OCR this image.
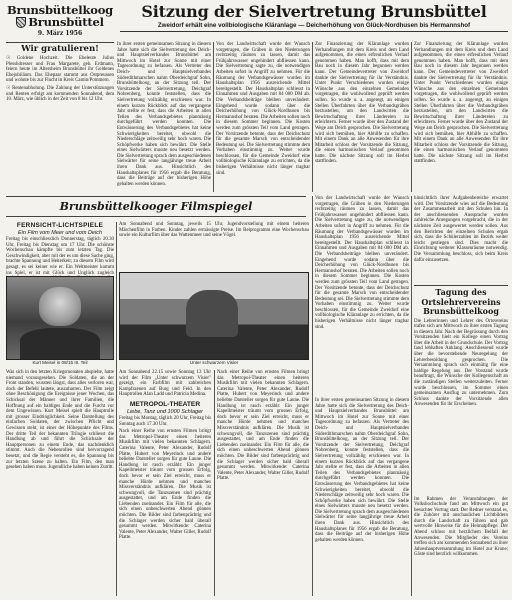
Brunsbüttelkoog
Brunsbüttel
9. März 1956
Sitzung der Sielvertretung Brunsbüttel
Zweidorf erhält eine vollbiologische Kläranlage — Deicherhöhung von Glück-Nordhusen bis Hermannshof
Wir gratulieren!

☉ Goldene Hochzeit. Die Eheleute Julius Plesshdresser und Frau Margarete, geb. Erdmann, feiern heute im Altersheim Brunsbüttel ihr Goldenes Ehejubiläum. Das Ehepaar stammt aus Ostpreussen und wohnte bis zur Flucht in Kreis Camin/Pommern.

☉ Rentenabholung. Die Zahlung der Unterstützungen und Renten erfolgt am kommenden Sonnabend, dem 10. März, wie üblich in der Zeit von 8 bis 12 Uhr.

In ihrer ersten gemeinsamen Sitzung in diesem Jahre hatte sich die Sielvertretung des Deich- und Hauptsielverbandes Brunsbüttel am Mittwoch im Hotel zur Sonne mit einer Tagesordnung zu befassen. Als Vertreter des Deich- und Hauptsielverbandes Süderdithmarschen nahm Oberdeichgraf Sohn, Brunsbüttelkoog, an der Sitzung teil. Der Vorsitzende der Sielvertretung, Deichgraf Nohrenberg, konnte feststellen, dass die Sielvertretung vollzählig erschienen war. In einem kurzen Rückblick auf das vergangene Jahr stellte er fest, dass die Arbeiten in allen Teilen des Verbandsgebietes planmässig durchgeführt werden konnten. Die Entwässerung des Verbandsgebietes hat keine Schwierigkeiten bereitet, obwohl die Niederschläge zeitweilig sehr hoch waren. Die Schöpfwerke haben sich bewährt. Die Stelle eines Sielwärters musste neu besetzt werden. Die Sielvertretung sprach dem ausgeschiedenen Sielwärter für seine langjährige treue Arbeit ihren Dank aus. Hinsichtlich des Haushaltsplanes für 1956 ergab die Beratung, dass die Beiträge auf der bisherigen Höhe gehalten werden können.

Von der Landwirtschaft wurde der Wunsch vorgetragen, die Gräben in den Niederungen rechtzeitig räumen zu lassen, damit das Frühjahrswasser ungehindert abfliessen kann. Die Sielvertretung sagte zu, die notwendigen Arbeiten sofort in Angriff zu nehmen. Für die Räumung der Verbandsgewässer wurden im Haushaltsplan 1956 ausreichende Mittel bereitgestellt. Der Haushaltsplan schliesst in Einnahmen und Ausgaben mit 84 000 DM ab. Die Verbandsbeiträge bleiben unverändert. Eingehend wurde sodann über die Deicherhöhung von Glück-Nordhusen bis Hermannshof beraten. Die Arbeiten sollen noch in diesem Sommer beginnen. Die Kosten werden zum grössten Teil vom Land getragen. Der Vorsitzende betonte, dass der Deichschutz für die gesamte Marsch von entscheidender Bedeutung sei. Die Sielvertretung stimmte dem Vorhaben einstimmig zu. Weiter wurde beschlossen, für die Gemeinde Zweidorf eine vollbiologische Kläranlage zu errichten, da die bisherigen Verhältnisse nicht länger tragbar sind.

Zur Finanzierung der Kläranlage wurden Verhandlungen mit dem Kreis und dem Land aufgenommen, die einen erfreulichen Verlauf genommen haben. Man hofft, dass mit dem Bau noch in diesem Jahr begonnen werden kann. Der Gemeindevertreter von Zweidorf dankte der Sielvertretung für ihr Verständnis. Unter Punkt Verschiedenes wurden einige Wünsche aus den einzelnen Gemeinden vorgetragen, die wohlwollend geprüft werden sollen. So wurde u. a. angeregt, an einigen Stellen Überfahrten über die Verbandsgräben herzustellen, um den Landwirten die Bewirtschaftung ihrer Ländereien zu erleichtern. Ferner wurde über den Zustand der Wege am Deich gesprochen. Die Sielvertretung wird sich bemühen, hier Abhilfe zu schaffen. Mit einem Dank an alle Anwesenden für ihre Mitarbeit schloss der Vorsitzende die Sitzung, die einen harmonischen Verlauf genommen hatte. Die nächste Sitzung soll im Herbst stattfinden.

Zur Finanzierung der Kläranlage wurden Verhandlungen mit dem Kreis und dem Land aufgenommen, die einen erfreulichen Verlauf genommen haben. Man hofft, dass mit dem Bau noch in diesem Jahr begonnen werden kann. Der Gemeindevertreter von Zweidorf dankte der Sielvertretung für ihr Verständnis. Unter Punkt Verschiedenes wurden einige Wünsche aus den einzelnen Gemeinden vorgetragen, die wohlwollend geprüft werden sollen. So wurde u. a. angeregt, an einigen Stellen Überfahrten über die Verbandsgräben herzustellen, um den Landwirten die Bewirtschaftung ihrer Ländereien zu erleichtern. Ferner wurde über den Zustand der Wege am Deich gesprochen. Die Sielvertretung wird sich bemühen, hier Abhilfe zu schaffen. Mit einem Dank an alle Anwesenden für ihre Mitarbeit schloss der Vorsitzende die Sitzung, die einen harmonischen Verlauf genommen hatte. Die nächste Sitzung soll im Herbst stattfinden.

Brunsbüttelkooger Filmspiegel
FERNSICHT-LICHTSPIELE
Ein Film vom Meer und vom Deich

Freitag bis einschliesslich Donnerstag, täglich 20.30 Uhr, Freitag bis Dienstag um 17 Uhr. Die schönste Wochenschau kämpfte bis zum letzten Tag. Die Geschwindigkeit, aber mit der es um diese Sache ging, brachte Spannung und Heiterkeit; zu diesem Film wird gesagt, es sei keiner wie er. Ein Weltmeister kommt ins Spiel, er ist mit Glück und Unglück zugleich

Kurt Meisel in 08/15 III. Teil

Was sich in den letzten Kriegsmonaten abspielte, hatte niemand vorausgesehen. Die Soldaten, die an der Front standen, wussten längst, dass alles verloren war, doch der Befehl lautete, auszuharren. Der Film zeigt ohne Beschönigung die Ereignisse jener Wochen, das Schicksal der Männer und ihrer Familien, die Hoffnung auf ein baldiges Ende und die Furcht vor dem Ungewissen. Kurt Meisel spielt die Hauptrolle mit grosser Eindringlichkeit. Seine Darstellung des einfachen Soldaten, der zwischen Pflicht und Gewissen steht, ist einer der Höhepunkte des Films. Der dritte Teil der bekannten Trilogie schliesst die Handlung ab und führt die Schicksale der Hauptpersonen zu einem Ende, das nachdenklich stimmt. Auch die Nebenrollen sind hervorragend besetzt, und die Regie versteht es, die Spannung bis zur letzten Szene zu halten. Ein Film, den man gesehen haben muss. Jugendliche haben keinen Zutritt.

Am Sonnabend und Sonntag, jeweils 15 Uhr, Jugendvorstellung mit einem heiteren Märchenfilm in Farben. Kinder zahlen ermässigte Preise. Im Beiprogramm eine Wochenschau sowie ein Kulturfilm über das Wattenmeer und seine Vögel.

Unter schwarzem Visier

Am Sonnabend 22.15 sowie Sonntag 13 Uhr wird der Film „Unter schwarzem Visier" gezeigt, ein Farbfilm mit zahlreichen Kampfszenen auf Burg und Feld. In den Hauptrollen Alan Ladd und Patricia Medina.

METROPOL-THEATER
Liebe, Tanz und 1000 Schlager

Freitag bis Montag, täglich 20 Uhr, Freitag bis Sonntag auch 17.30 Uhr.

Nach einer Reihe von ernsten Filmen bringt das Metropol-Theater einen heiteren Musikfilm mit vielen bekannten Schlagern. Caterina Valente, Peter Alexander, Rudolf Platte, Hubert von Meyerinck und andere beliebte Darsteller sorgen für gute Laune. Die Handlung ist rasch erzählt: Ein junger Kapellmeister träumt vom grossen Erfolg, doch bevor er sein Ziel erreicht, muss er manche Hürde nehmen und manches Missverständnis aufklären. Die Musik ist schwungvoll, die Tanzszenen sind prächtig ausgestattet, und am Ende finden die Liebenden zueinander. Ein Film für alle, die sich einen unbeschwerten Abend gönnen möchten. Die Bilder sind farbenprächtig und die Schlager werden sicher bald überall gesummt werden. Mitwirkende: Caterina Valente, Peter Alexander, Walter Giller, Rudolf Platte.

Nach einer Reihe von ernsten Filmen bringt das Metropol-Theater einen heiteren Musikfilm mit vielen bekannten Schlagern. Caterina Valente, Peter Alexander, Rudolf Platte, Hubert von Meyerinck und andere beliebte Darsteller sorgen für gute Laune. Die Handlung ist rasch erzählt: Ein junger Kapellmeister träumt vom grossen Erfolg, doch bevor er sein Ziel erreicht, muss er manche Hürde nehmen und manches Missverständnis aufklären. Die Musik ist schwungvoll, die Tanzszenen sind prächtig ausgestattet, und am Ende finden die Liebenden zueinander. Ein Film für alle, die sich einen unbeschwerten Abend gönnen möchten. Die Bilder sind farbenprächtig und die Schlager werden sicher bald überall gesummt werden. Mitwirkende: Caterina Valente, Peter Alexander, Walter Giller, Rudolf Platte.

Von der Landwirtschaft wurde der Wunsch vorgetragen, die Gräben in den Niederungen rechtzeitig räumen zu lassen, damit das Frühjahrswasser ungehindert abfliessen kann. Die Sielvertretung sagte zu, die notwendigen Arbeiten sofort in Angriff zu nehmen. Für die Räumung der Verbandsgewässer wurden im Haushaltsplan 1956 ausreichende Mittel bereitgestellt. Der Haushaltsplan schliesst in Einnahmen und Ausgaben mit 84 000 DM ab. Die Verbandsbeiträge bleiben unverändert. Eingehend wurde sodann über die Deicherhöhung von Glück-Nordhusen bis Hermannshof beraten. Die Arbeiten sollen noch in diesem Sommer beginnen. Die Kosten werden zum grössten Teil vom Land getragen. Der Vorsitzende betonte, dass der Deichschutz für die gesamte Marsch von entscheidender Bedeutung sei. Die Sielvertretung stimmte dem Vorhaben einstimmig zu. Weiter wurde beschlossen, für die Gemeinde Zweidorf eine vollbiologische Kläranlage zu errichten, da die bisherigen Verhältnisse nicht länger tragbar sind.

In ihrer ersten gemeinsamen Sitzung in diesem Jahre hatte sich die Sielvertretung des Deich- und Hauptsielverbandes Brunsbüttel am Mittwoch im Hotel zur Sonne mit einer Tagesordnung zu befassen. Als Vertreter des Deich- und Hauptsielverbandes Süderdithmarschen nahm Oberdeichgraf Sohn, Brunsbüttelkoog, an der Sitzung teil. Der Vorsitzende der Sielvertretung, Deichgraf Nohrenberg, konnte feststellen, dass die Sielvertretung vollzählig erschienen war. In einem kurzen Rückblick auf das vergangene Jahr stellte er fest, dass die Arbeiten in allen Teilen des Verbandsgebietes planmässig durchgeführt werden konnten. Die Entwässerung des Verbandsgebietes hat keine Schwierigkeiten bereitet, obwohl die Niederschläge zeitweilig sehr hoch waren. Die Schöpfwerke haben sich bewährt. Die Stelle eines Sielwärters musste neu besetzt werden. Die Sielvertretung sprach dem ausgeschiedenen Sielwärter für seine langjährige treue Arbeit ihren Dank aus. Hinsichtlich des Haushaltsplanes für 1956 ergab die Beratung, dass die Beiträge auf der bisherigen Höhe gehalten werden können.

hinsichtlich ihrer Aufgabenbereiche erwartet wird. Der Vorsitzende wies auf die Bedeutung der Zusammenarbeit mit den Schulen hin. In der anschliessenden Aussprache wurden zahlreiche Anregungen vorgebracht, die in der nächsten Zeit ausgewertet werden sollen. Aus den Berichten der einzelnen Schulen ergab sich, dass die Schülerzahlen im Bezirk weiter leicht gestiegen sind. Dies macht die Einrichtung weiterer Klassenräume notwendig. Die Versammlung beschloss, sich beim Kreis dafür einzusetzen.

Tagung des Ortslehrervereins Brunsbüttelkoog

Die Lehrerinnen und Lehrer des Ortsvereins trafen sich am Mittwoch zu ihrer ersten Tagung in diesem Jahr. Nach der Begrüssung durch den Vorsitzenden hielt ein Kollege einen Vortrag über die Arbeit in der Grundschule. Der Vortrag fand lebhaften Anklang. Anschliessend wurde über die bevorstehende Neuregelung der Lehrerbesoldung gesprochen. Die Versammlung sprach sich einmütig für eine baldige Regelung aus. Der Vorstand wurde beauftragt, die Wünsche der Kollegenschaft an die zuständigen Stellen weiterzuleiten. Ferner wurde beschlossen, im Sommer einen gemeinsamen Ausflug zu unternehmen. Zum Schluss dankte der Vorsitzende allen Anwesenden für ihr Erscheinen.

Im Rahmen der Veranstaltungen der Volkshochschule fand am Mittwoch ein gut besuchter Vortrag statt. Der Redner verstand es, die Zuhörer mit anschaulichen Lichtbildern durch die Landschaft zu führen und gab wertvolle Hinweise für die Heimatpflege. Der Abend schloss mit herzlichem Beifall der Anwesenden. Die Mitglieder des Vereins treffen sich am kommenden Sonnabend zu ihrer Jahreshauptversammlung im Hotel zur Krone; Gäste sind herzlich willkommen.
